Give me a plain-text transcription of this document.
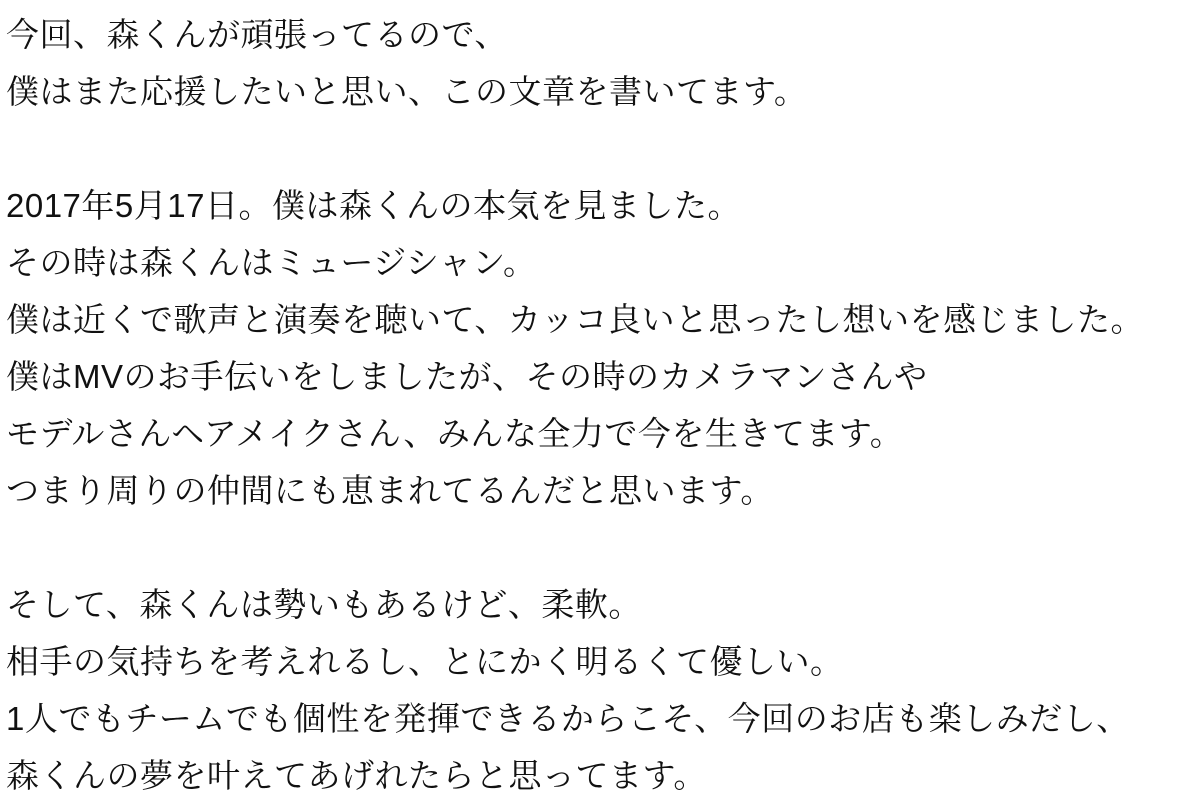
今回、森くんが頑張ってるので、
僕はまた応援したいと思い、この文章を書いてます。
2017年5月17日。僕は森くんの本気を見ました。
その時は森くんはミュージシャン。
僕は近くで歌声と演奏を聴いて、カッコ良いと思ったし想いを感じました。
僕はMVのお手伝いをしましたが、その時のカメラマンさんや
モデルさんヘアメイクさん、みんな全力で今を生きてます。
つまり周りの仲間にも恵まれてるんだと思います。
そして、森くんは勢いもあるけど、柔軟。
相手の気持ちを考えれるし、とにかく明るくて優しい。
1人でもチームでも個性を発揮できるからこそ、今回のお店も楽しみだし、
森くんの夢を叶えてあげれたらと思ってます。
